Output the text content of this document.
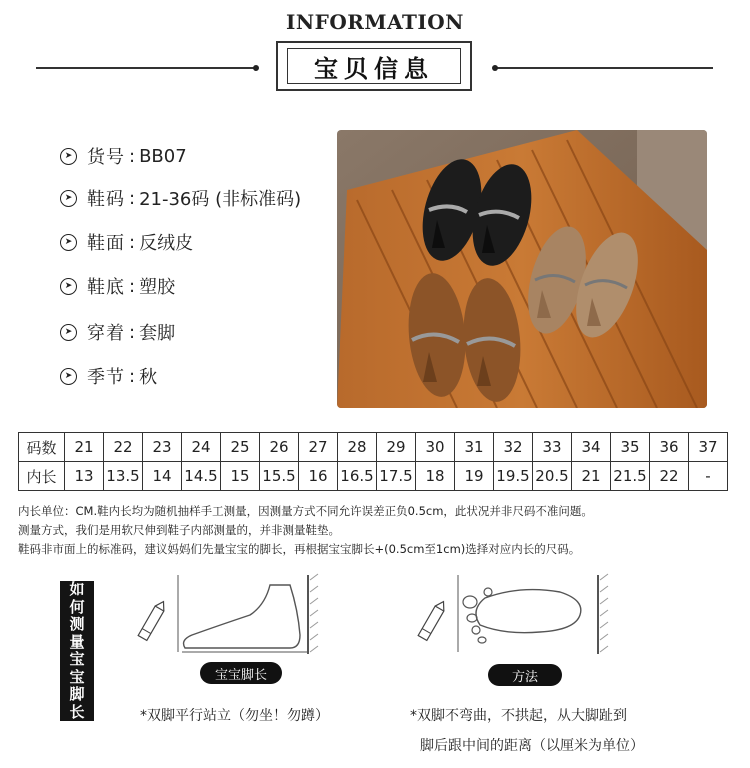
INFORMATION
宝贝信息
➤ 货号 : BB07
➤ 鞋码 : 21-36码 (非标准码)
➤ 鞋面 : 反绒皮
➤ 鞋底 : 塑胶
➤ 穿着 : 套脚
➤ 季节 : 秋
码数	21	22	23	24	25	26	27	28	29	30	31	32	33	34	35	36	37
内长	13	13.5	14	14.5	15	15.5	16	16.5	17.5	18	19	19.5	20.5	21	21.5	22	-
内长单位：CM.鞋内长均为随机抽样手工测量，因测量方式不同允许误差正负0.5cm，此状况并非尺码不准问题。
测量方式，我们是用软尺伸到鞋子内部测量的，并非测量鞋垫。
鞋码非市面上的标准码，建议妈妈们先量宝宝的脚长，再根据宝宝脚长+(0.5cm至1cm)选择对应内长的尺码。
如
何
测
量
宝
宝
脚
长
宝宝脚长	方法
*双脚平行站立（勿坐！勿蹲）	*双脚不弯曲，不拱起，从大脚趾到
脚后跟中间的距离（以厘米为单位）
